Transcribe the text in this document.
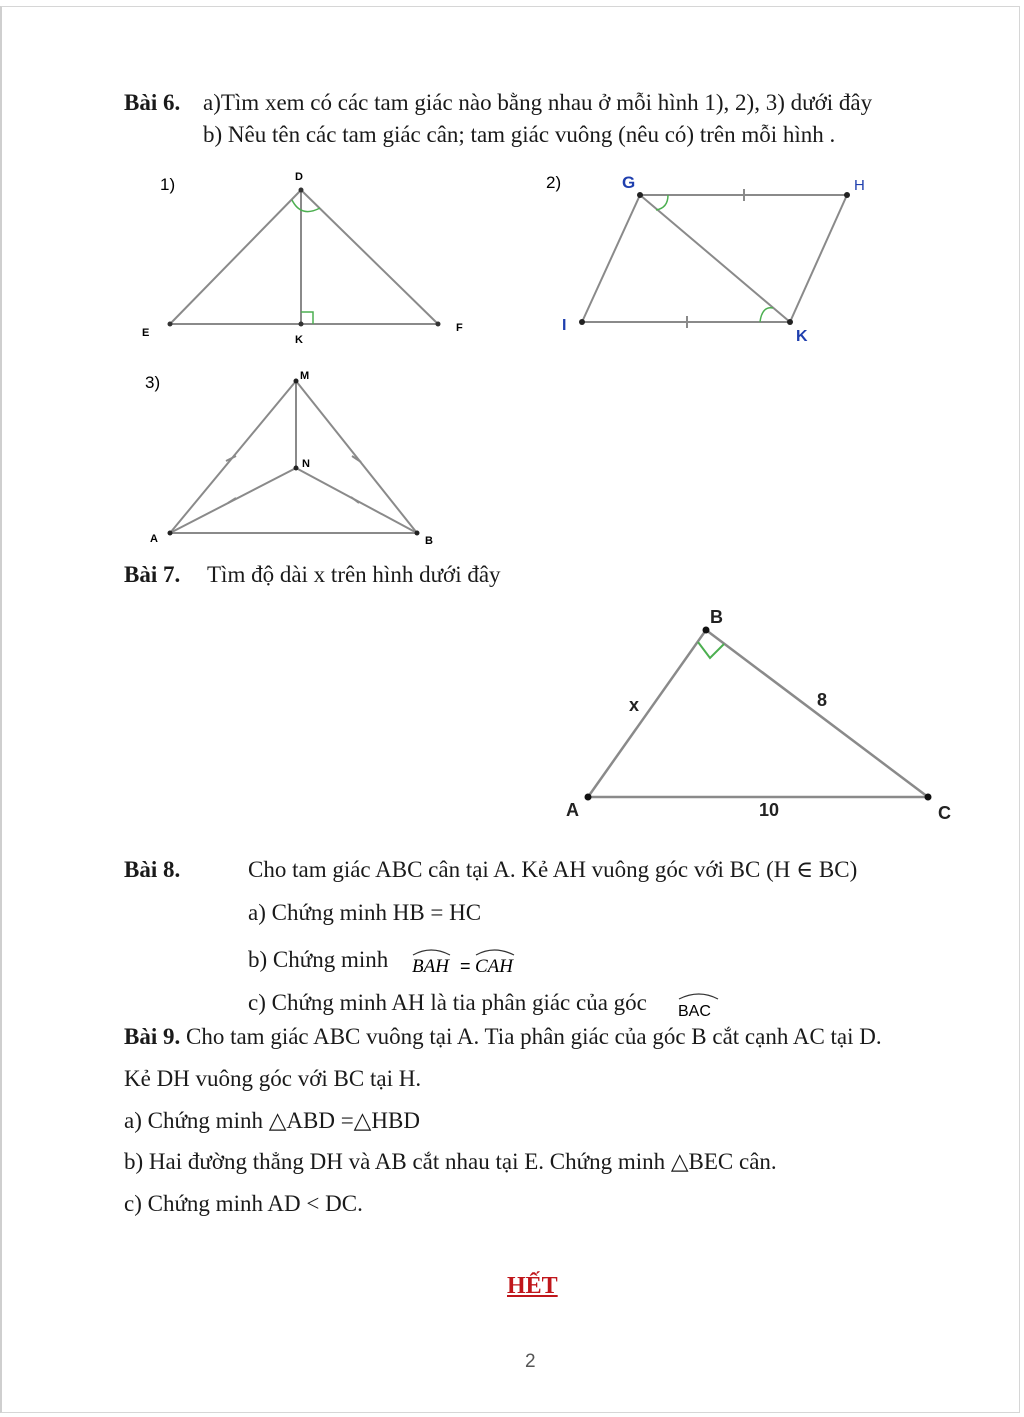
Bài 6. a)Tìm xem có các tam giác nào bằng nhau ở mỗi hình 1), 2), 3) dưới đây
b) Nêu tên các tam giác cân; tam giác vuông (nêu có) trên mỗi hình .
1)	D
E
K
F
2)	G	H
I
K
3)	M
N
A	B
Bài 7. Tìm độ dài x trên hình dưới đây
B
A	C
x	8
10
Bài 8.	Cho tam giác ABC cân tại A. Kẻ AH vuông góc với BC (H ∈ BC)
a) Chứng minh HB = HC
b) Chứng minh BAH = CAH
c) Chứng minh AH là tia phân giác của góc BAC
Bài 9. Cho tam giác ABC vuông tại A. Tia phân giác của góc B cắt cạnh AC tại D.
Kẻ DH vuông góc với BC tại H.
a) Chứng minh △ABD =△HBD
b) Hai đường thẳng DH và AB cắt nhau tại E. Chứng minh △BEC cân.
c) Chứng minh AD < DC.
HẾT
2
